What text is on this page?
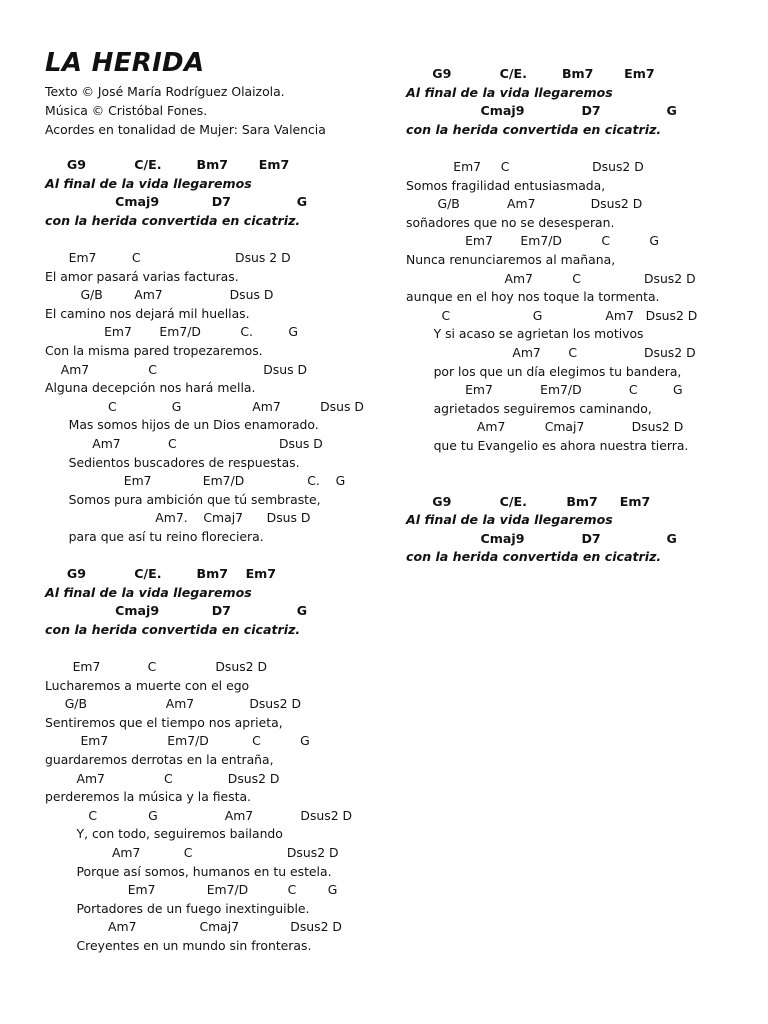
LA HERIDA
Texto © José María Rodríguez Olaizola.
Música © Cristóbal Fones.
Acordes en tonalidad de Mujer: Sara Valencia
G9           C/E.        Bm7       Em7
Al final de la vida llegaremos
Cmaj9            D7               G
con la herida convertida en cicatriz.
Em7         C                        Dsus 2 D
El amor pasará varias facturas.
G/B        Am7                 Dsus D
El camino nos dejará mil huellas.
Em7       Em7/D          C.         G
Con la misma pared tropezaremos.
Am7               C                           Dsus D
Alguna decepción nos hará mella.
C              G                  Am7          Dsus D
Mas somos hijos de un Dios enamorado.
Am7            C                          Dsus D
Sedientos buscadores de respuestas.
Em7             Em7/D                C.    G
Somos pura ambición que tú sembraste,
Am7.    Cmaj7      Dsus D
para que así tu reino floreciera.
G9           C/E.        Bm7    Em7
Al final de la vida llegaremos
Cmaj9            D7               G
con la herida convertida en cicatriz.
Em7            C               Dsus2 D
Lucharemos a muerte con el ego
G/B                    Am7              Dsus2 D
Sentiremos que el tiempo nos aprieta,
Em7               Em7/D           C          G
guardaremos derrotas en la entraña,
Am7               C              Dsus2 D
perderemos la música y la fiesta.
C             G                 Am7            Dsus2 D
Y, con todo, seguiremos bailando
Am7           C                        Dsus2 D
Porque así somos, humanos en tu estela.
Em7             Em7/D          C        G
Portadores de un fuego inextinguible.
Am7                Cmaj7             Dsus2 D
Creyentes en un mundo sin fronteras.
G9           C/E.        Bm7       Em7
Al final de la vida llegaremos
Cmaj9             D7               G
con la herida convertida en cicatriz.
Em7     C                     Dsus2 D
Somos fragilidad entusiasmada,
G/B            Am7              Dsus2 D
soñadores que no se desesperan.
Em7       Em7/D          C          G
Nunca renunciaremos al mañana,
Am7          C                Dsus2 D
aunque en el hoy nos toque la tormenta.
C                     G                Am7   Dsus2 D
Y si acaso se agrietan los motivos
Am7       C                 Dsus2 D
por los que un día elegimos tu bandera,
Em7            Em7/D            C         G
agrietados seguiremos caminando,
Am7          Cmaj7            Dsus2 D
que tu Evangelio es ahora nuestra tierra.
G9           C/E.         Bm7     Em7
Al final de la vida llegaremos
Cmaj9             D7               G
con la herida convertida en cicatriz.
